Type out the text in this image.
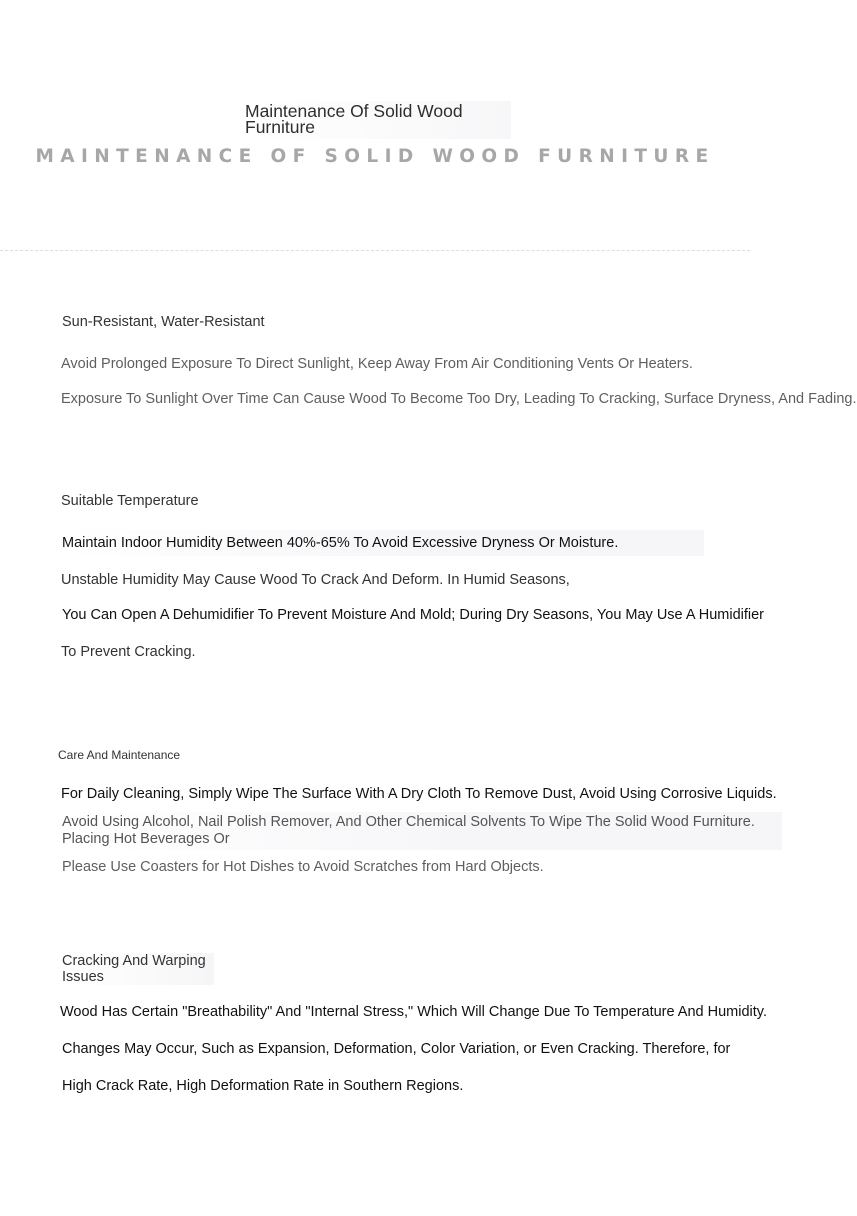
Maintenance Of Solid Wood Furniture
MAINTENANCE OF SOLID WOOD FURNITURE
Sun-Resistant, Water-Resistant
Avoid Prolonged Exposure To Direct Sunlight, Keep Away From Air Conditioning Vents Or Heaters.
Exposure To Sunlight Over Time Can Cause Wood To Become Too Dry, Leading To Cracking, Surface Dryness, And Fading.
Suitable Temperature
Maintain Indoor Humidity Between 40%-65% To Avoid Excessive Dryness Or Moisture.
Unstable Humidity May Cause Wood To Crack And Deform. In Humid Seasons,
You Can Open A Dehumidifier To Prevent Moisture And Mold; During Dry Seasons, You May Use A Humidifier
To Prevent Cracking.
Care And Maintenance
For Daily Cleaning, Simply Wipe The Surface With A Dry Cloth To Remove Dust, Avoid Using Corrosive Liquids.
Avoid Using Alcohol, Nail Polish Remover, And Other Chemical Solvents To Wipe The Solid Wood Furniture. Placing Hot Beverages Or
Please Use Coasters for Hot Dishes to Avoid Scratches from Hard Objects.
Cracking And Warping Issues
Wood Has Certain "Breathability" And "Internal Stress," Which Will Change Due To Temperature And Humidity.
Changes May Occur, Such as Expansion, Deformation, Color Variation, or Even Cracking. Therefore, for
High Crack Rate, High Deformation Rate in Southern Regions.
